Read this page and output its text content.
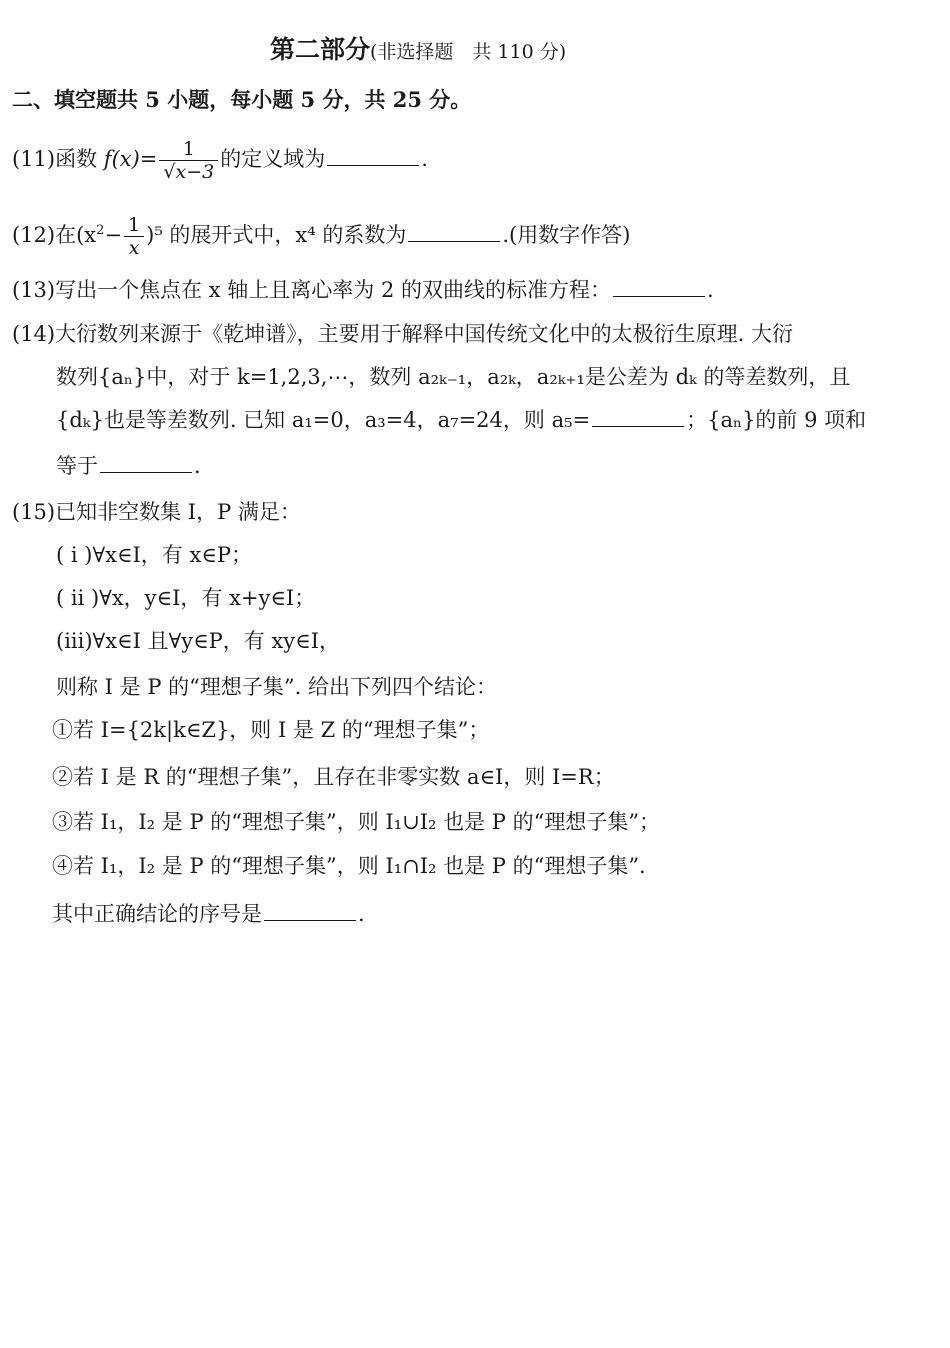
第二部分(非选择题　共 110 分)
二、填空题共 5 小题，每小题 5 分，共 25 分。
(11)函数 $f(x)= \frac{1}{√x-3}$ 的定义域为	.
(12)在$(x^2- \frac{1}{x} )^5$ 的展开式中，x⁴ 的系数为	.(用数字作答)
(13)写出一个焦点在 x 轴上且离心率为 2 的双曲线的标准方程：	.
(14)大衍数列来源于《乾坤谱》，主要用于解释中国传统文化中的太极衍生原理. 大衍
数列{aₙ}中，对于 k=1,2,3,⋯，数列 a₂ₖ₋₁，a₂ₖ，a₂ₖ₊₁是公差为 dₖ 的等差数列，且
{dₖ}也是等差数列. 已知 a₁=0，a₃=4，a₇=24，则 a₅=	；{aₙ}的前 9 项和
等于	.
(15)已知非空数集 I，P 满足：
( i )∀x∈I，有 x∈P；
( ii )∀x，y∈I，有 x+y∈I；
(iii)∀x∈I 且∀y∈P，有 xy∈I，
则称 I 是 P 的“理想子集”. 给出下列四个结论：
①若 I={2k|k∈Z}，则 I 是 Z 的“理想子集”；
②若 I 是 R 的“理想子集”，且存在非零实数 a∈I，则 I=R；
③若 I₁，I₂ 是 P 的“理想子集”，则 I₁∪I₂ 也是 P 的“理想子集”；
④若 I₁，I₂ 是 P 的“理想子集”，则 I₁∩I₂ 也是 P 的“理想子集”.
其中正确结论的序号是	.
